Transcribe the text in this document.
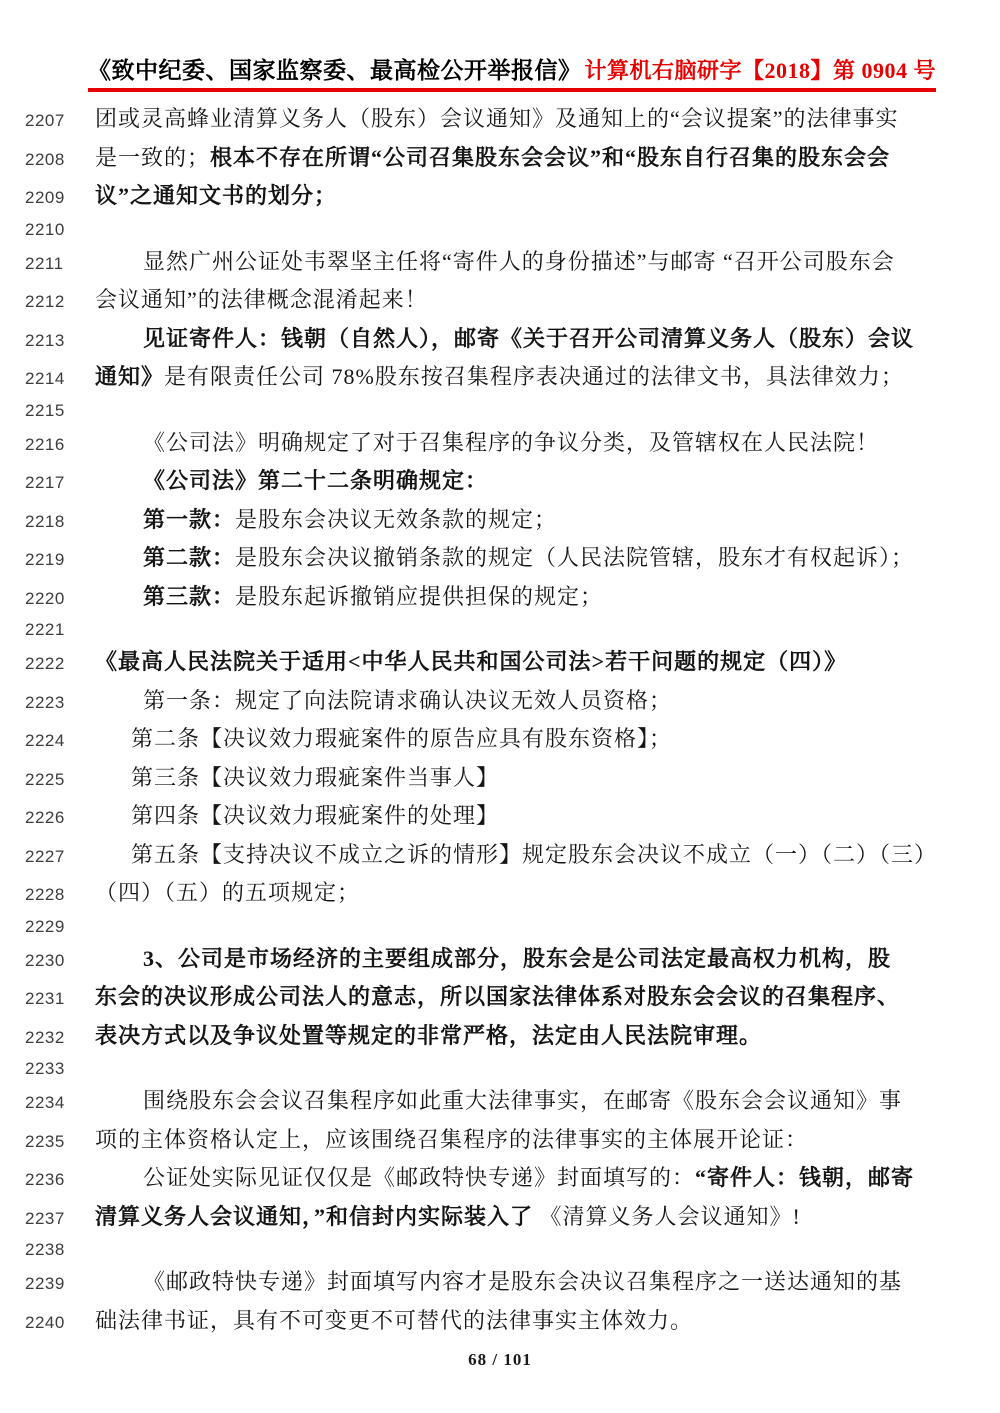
《致中纪委、国家监察委、最高检公开举报信》 计算机右脑研字【2018】第 0904 号
2207	团或灵高蜂业清算义务人（股东）会议通知》及通知上的“会议提案”的法律事实
2208	是一致的；根本不存在所谓“公司召集股东会会议”和“股东自行召集的股东会会
2209	议”之通知文书的划分；
2210
2211	显然广州公证处韦翠坚主任将“寄件人的身份描述”与邮寄 “召开公司股东会
2212	会议通知”的法律概念混淆起来！
2213	见证寄件人：钱朝（自然人），邮寄《关于召开公司清算义务人（股东）会议
2214	通知》是有限责任公司 78%股东按召集程序表决通过的法律文书，具法律效力；
2215
2216	《公司法》明确规定了对于召集程序的争议分类，及管辖权在人民法院！
2217	《公司法》第二十二条明确规定：
2218	第一款：是股东会决议无效条款的规定；
2219	第二款：是股东会决议撤销条款的规定（人民法院管辖，股东才有权起诉）；
2220	第三款：是股东起诉撤销应提供担保的规定；
2221
2222	《最高人民法院关于适用<中华人民共和国公司法>若干问题的规定（四）》
2223	第一条：规定了向法院请求确认决议无效人员资格；
2224	第二条【决议效力瑕疵案件的原告应具有股东资格】；
2225	第三条【决议效力瑕疵案件当事人】
2226	第四条【决议效力瑕疵案件的处理】
2227	第五条【支持决议不成立之诉的情形】规定股东会决议不成立（一）（二）（三）
2228	（四）（五）的五项规定；
2229
2230	3、公司是市场经济的主要组成部分，股东会是公司法定最高权力机构，股
2231	东会的决议形成公司法人的意志，所以国家法律体系对股东会会议的召集程序、
2232	表决方式以及争议处置等规定的非常严格，法定由人民法院审理。
2233
2234	围绕股东会会议召集程序如此重大法律事实，在邮寄《股东会会议通知》事
2235	项的主体资格认定上，应该围绕召集程序的法律事实的主体展开论证：
2236	公证处实际见证仅仅是《邮政特快专递》封面填写的：“寄件人：钱朝，邮寄
2237	清算义务人会议通知，”和信封内实际装入了 《清算义务人会议通知》!
2238
2239	《邮政特快专递》封面填写内容才是股东会决议召集程序之一送达通知的基
2240	础法律书证，具有不可变更不可替代的法律事实主体效力。
68 / 101
